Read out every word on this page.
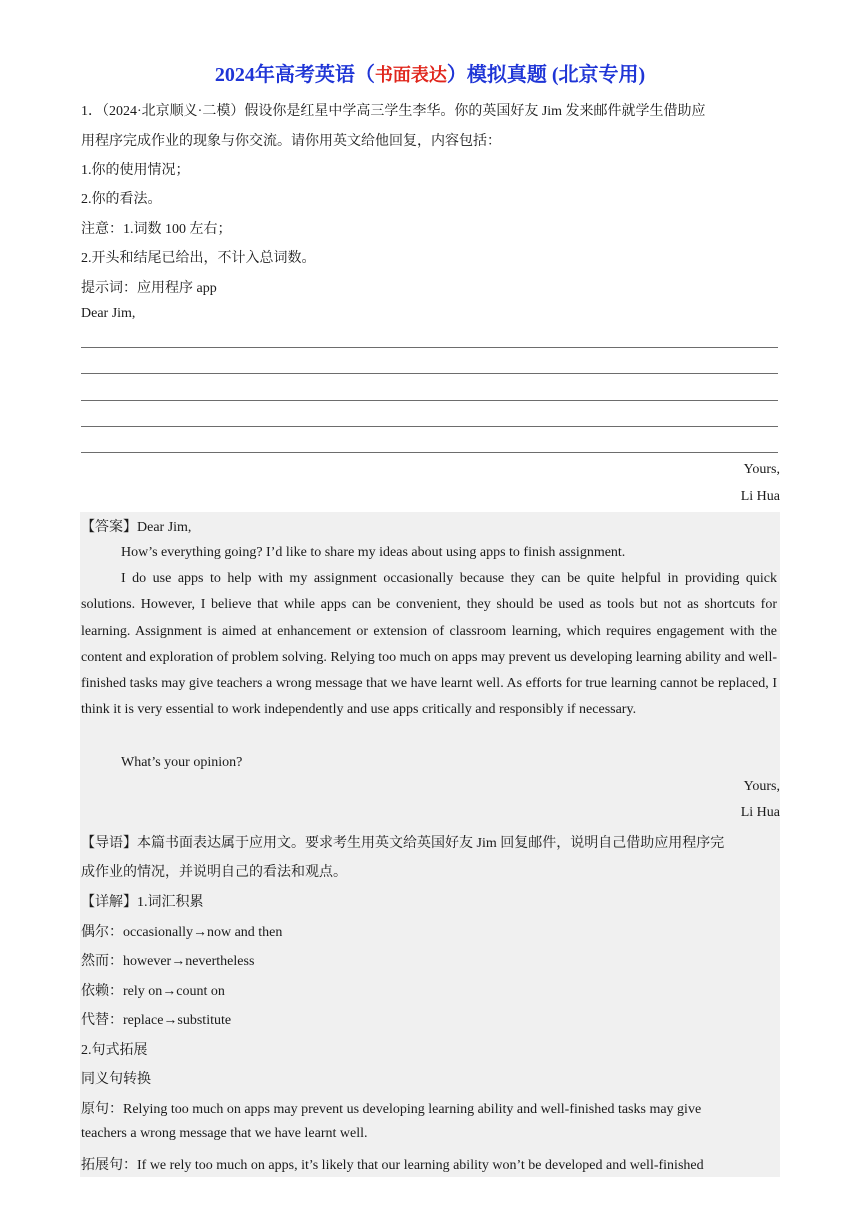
2024年高考英语（书面表达）模拟真题 (北京专用)
1．（2024·北京顺义·二模）假设你是红星中学高三学生李华。你的英国好友 Jim 发来邮件就学生借助应
用程序完成作业的现象与你交流。请你用英文给他回复，内容包括：
1.你的使用情况；
2.你的看法。
注意：1.词数 100 左右；
2.开头和结尾已给出，不计入总词数。
提示词：应用程序 app
Dear Jim,
Yours,
Li Hua
【答案】Dear Jim,
How’s everything going? I’d like to share my ideas about using apps to finish assignment.
I do use apps to help with my assignment occasionally because they can be quite helpful in providing quick solutions. However, I believe that while apps can be convenient, they should be used as tools but not as shortcuts for learning. Assignment is aimed at enhancement or extension of classroom learning, which requires engagement with the content and exploration of problem solving. Relying too much on apps may prevent us developing learning ability and well-finished tasks may give teachers a wrong message that we have learnt well. As efforts for true learning cannot be replaced, I think it is very essential to work independently and use apps critically and responsibly if necessary.
What’s your opinion?
Yours,
Li Hua
【导语】本篇书面表达属于应用文。要求考生用英文给英国好友 Jim 回复邮件，说明自己借助应用程序完
成作业的情况，并说明自己的看法和观点。
【详解】1.词汇积累
偶尔：occasionally→now and then
然而：however→nevertheless
依赖：rely on→count on
代替：replace→substitute
2.句式拓展
同义句转换
原句：Relying too much on apps may prevent us developing learning ability and well-finished tasks may give
teachers a wrong message that we have learnt well.
拓展句：If we rely too much on apps, it’s likely that our learning ability won’t be developed and well-finished
